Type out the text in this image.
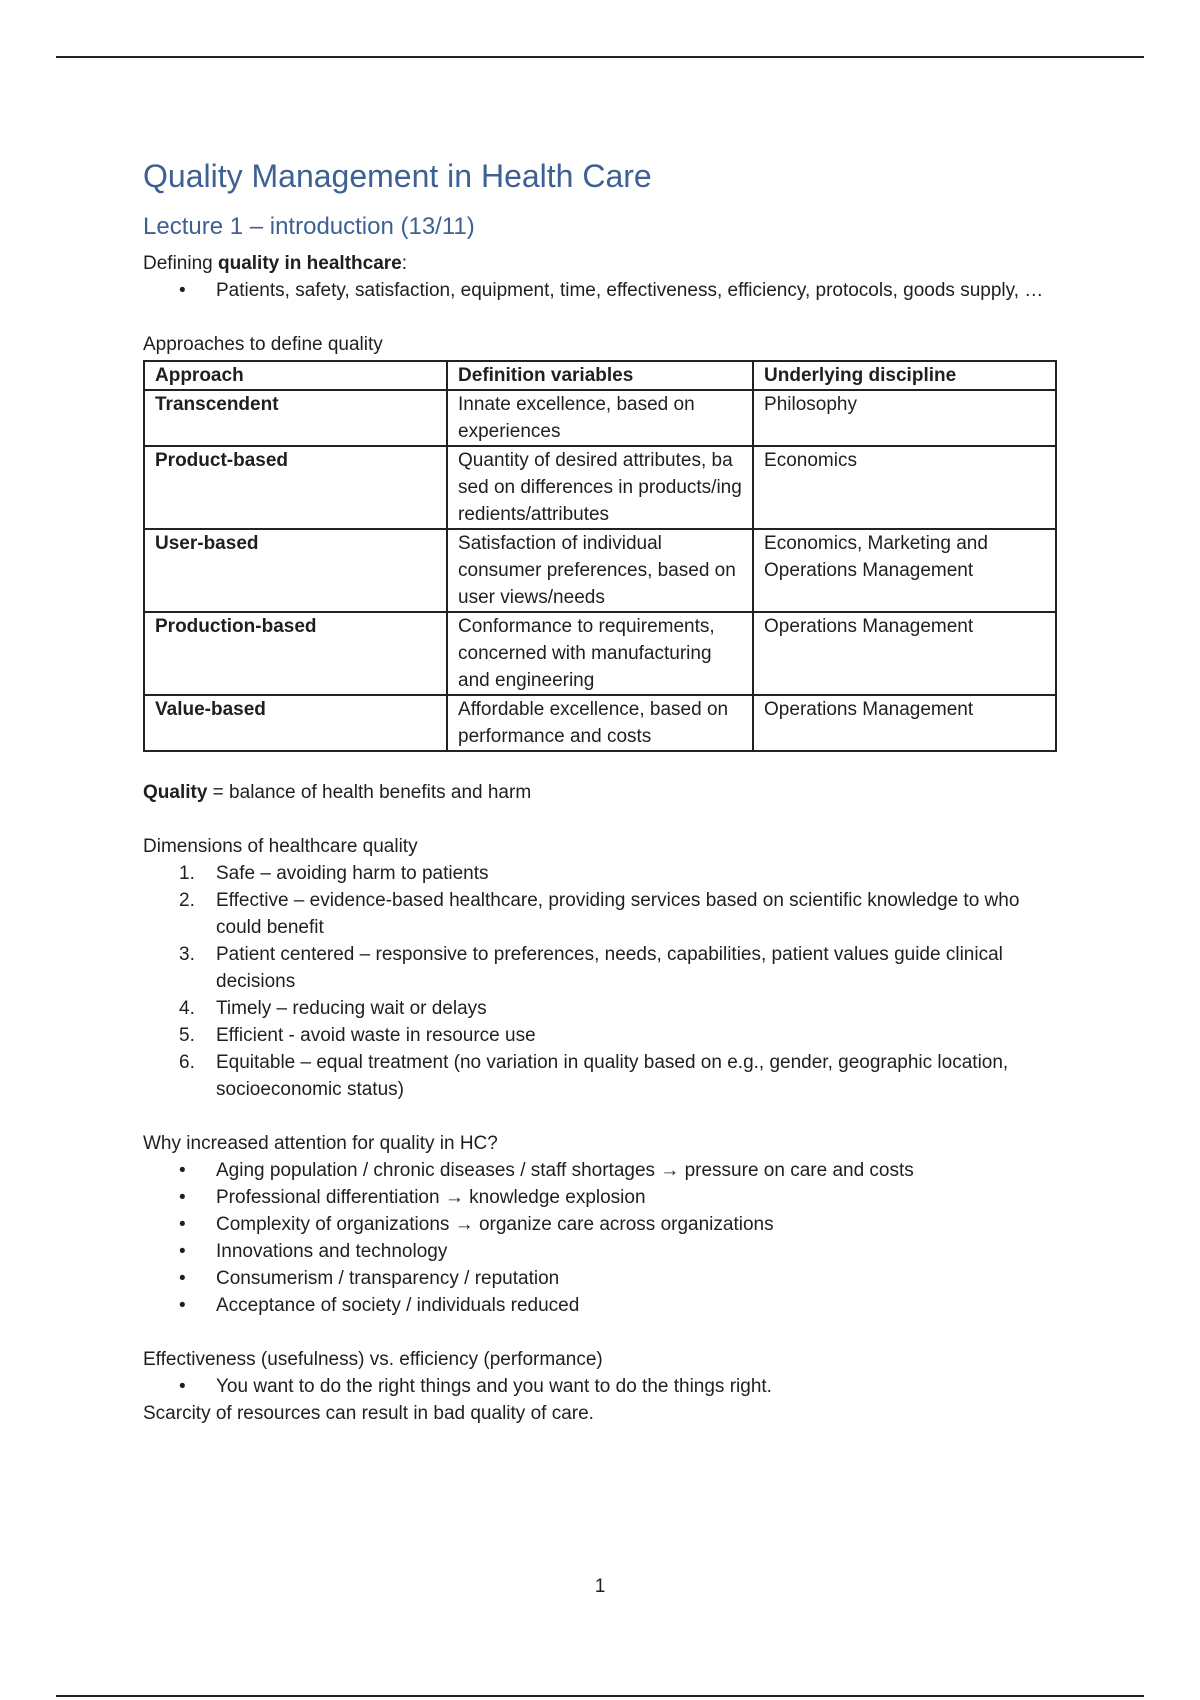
Quality Management in Health Care
Lecture 1 – introduction (13/11)

Defining quality in healthcare:

• Patients, safety, satisfaction, equipment, time, effectiveness, efficiency, protocols, goods supply, …

Approaches to define quality

Approach	Definition variables	Underlying discipline
Transcendent	Innate excellence, based on experiences	Philosophy
Product-based	Quantity of desired attributes, based on differences in products/ingredients/attributes	Economics
User-based	Satisfaction of individual consumer preferences, based on user views/needs	Economics, Marketing and Operations Management
Production-based	Conformance to requirements, concerned with manufacturing and engineering	Operations Management
Value-based	Affordable excellence, based on performance and costs	Operations Management

Quality = balance of health benefits and harm

Dimensions of healthcare quality

1. Safe – avoiding harm to patients
2. Effective – evidence-based healthcare, providing services based on scientific knowledge to who could benefit
3. Patient centered – responsive to preferences, needs, capabilities, patient values guide clinical decisions
4. Timely – reducing wait or delays
5. Efficient - avoid waste in resource use
6. Equitable – equal treatment (no variation in quality based on e.g., gender, geographic location, socioeconomic status)

Why increased attention for quality in HC?

• Aging population / chronic diseases / staff shortages → pressure on care and costs
• Professional differentiation → knowledge explosion
• Complexity of organizations → organize care across organizations
• Innovations and technology
• Consumerism / transparency / reputation
• Acceptance of society / individuals reduced

Effectiveness (usefulness) vs. efficiency (performance)

• You want to do the right things and you want to do the things right.

Scarcity of resources can result in bad quality of care.

1
